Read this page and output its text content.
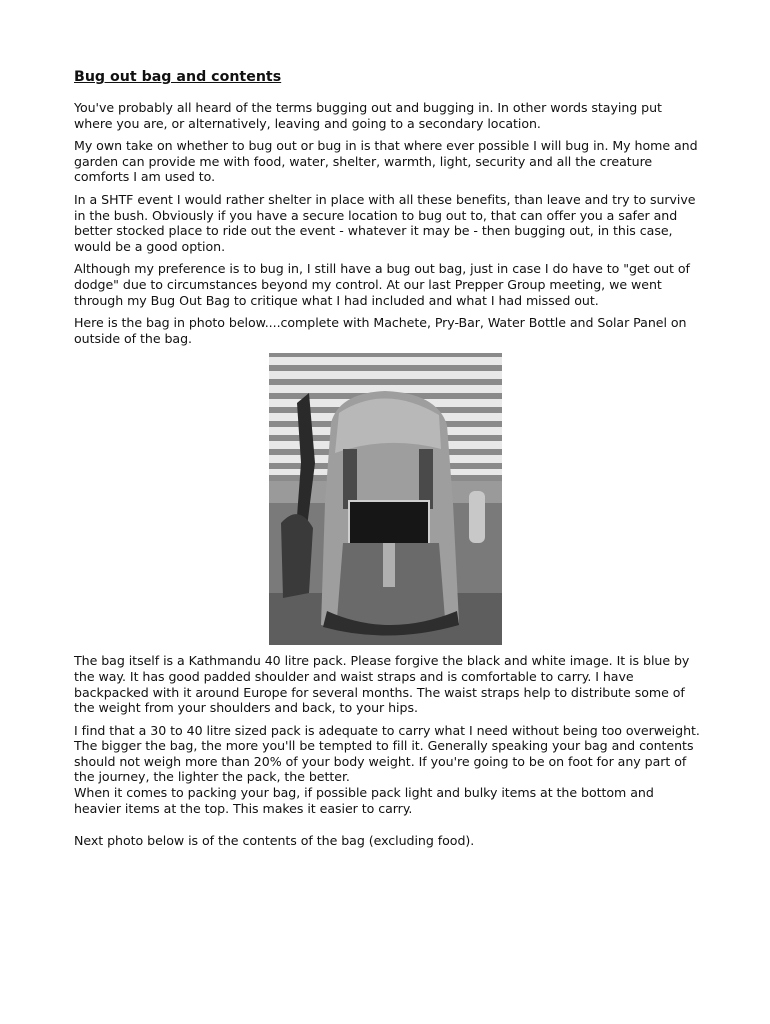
Bug out bag and contents

You've probably all heard of the terms bugging out and bugging in. In other words staying put where you are, or alternatively, leaving and going to a secondary location.

My own take on whether to bug out or bug in is that where ever possible I will bug in. My home and garden can provide me with food, water, shelter, warmth, light, security and all the creature comforts I am used to.

In a SHTF event I would rather shelter in place with all these benefits, than leave and try to survive in the bush. Obviously if you have a secure location to bug out to, that can offer you a safer and better stocked place to ride out the event - whatever it may be - then bugging out, in this case, would be a good option.

Although my preference is to bug in, I still have a bug out bag, just in case I do have to "get out of dodge" due to circumstances beyond my control. At our last Prepper Group meeting, we went through my Bug Out Bag to critique what I had included and what I had missed out.

Here is the bag in photo below....complete with Machete, Pry-Bar, Water Bottle and Solar Panel on outside of the bag.

The bag itself is a Kathmandu 40 litre pack. Please forgive the black and white image. It is blue by the way. It has good padded shoulder and waist straps and is comfortable to carry. I have backpacked with it around Europe for several months. The waist straps help to distribute some of the weight from your shoulders and back, to your hips.

I find that a 30 to 40 litre sized pack is adequate to carry what I need without being too overweight. The bigger the bag, the more you'll be tempted to fill it. Generally speaking your bag and contents should not weigh more than 20% of your body weight. If you're going to be on foot for any part of the journey, the lighter the pack, the better.

When it comes to packing your bag, if possible pack light and bulky items at the bottom and heavier items at the top. This makes it easier to carry.

Next photo below is of the contents of the bag (excluding food).
